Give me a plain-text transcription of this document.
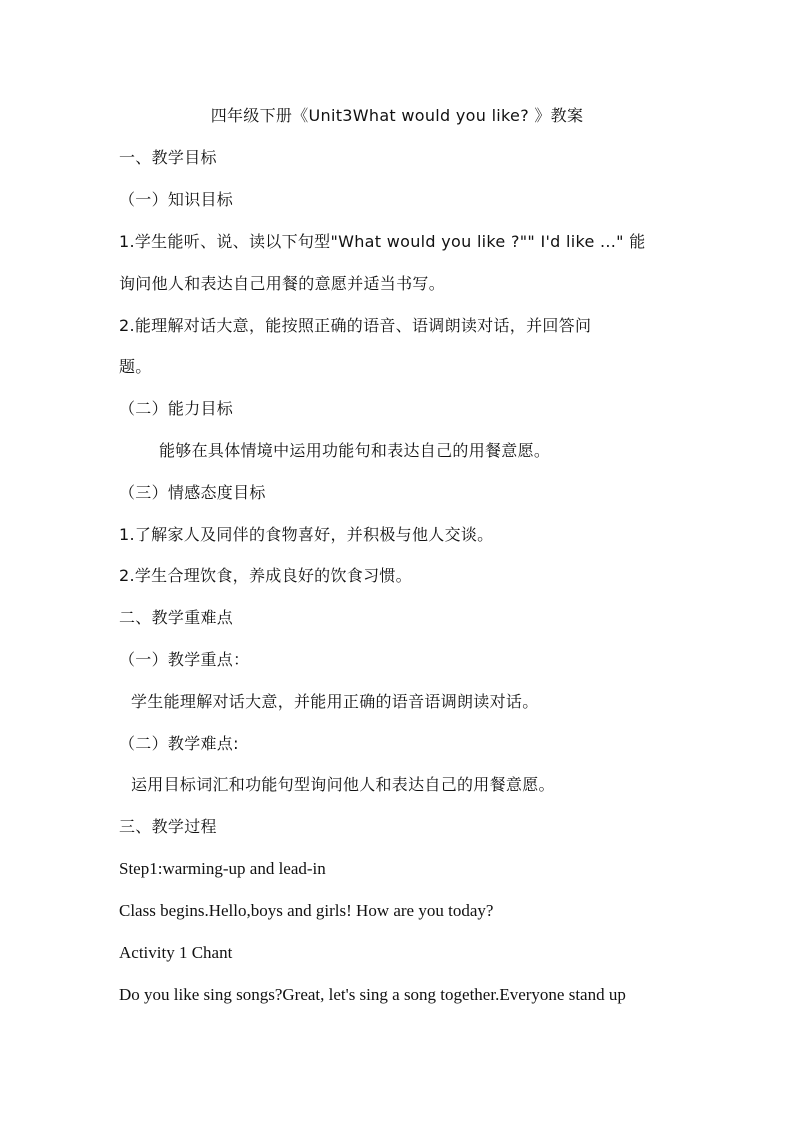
四年级下册《Unit3What would you like? 》教案
一、教学目标
（一）知识目标
1.学生能听、说、读以下句型"What would you like ?"" I'd like ..." 能
询问他人和表达自己用餐的意愿并适当书写。
2.能理解对话大意，能按照正确的语音、语调朗读对话，并回答问
题。
（二）能力目标
能够在具体情境中运用功能句和表达自己的用餐意愿。
（三）情感态度目标
1.了解家人及同伴的食物喜好，并积极与他人交谈。
2.学生合理饮食，养成良好的饮食习惯。
二、教学重难点
（一）教学重点：
学生能理解对话大意，并能用正确的语音语调朗读对话。
（二）教学难点:
运用目标词汇和功能句型询问他人和表达自己的用餐意愿。
三、教学过程
Step1:warming-up and lead-in
Class begins.Hello,boys and girls! How are you today?
Activity 1 Chant
Do you like sing songs?Great, let's sing a song together.Everyone stand up
